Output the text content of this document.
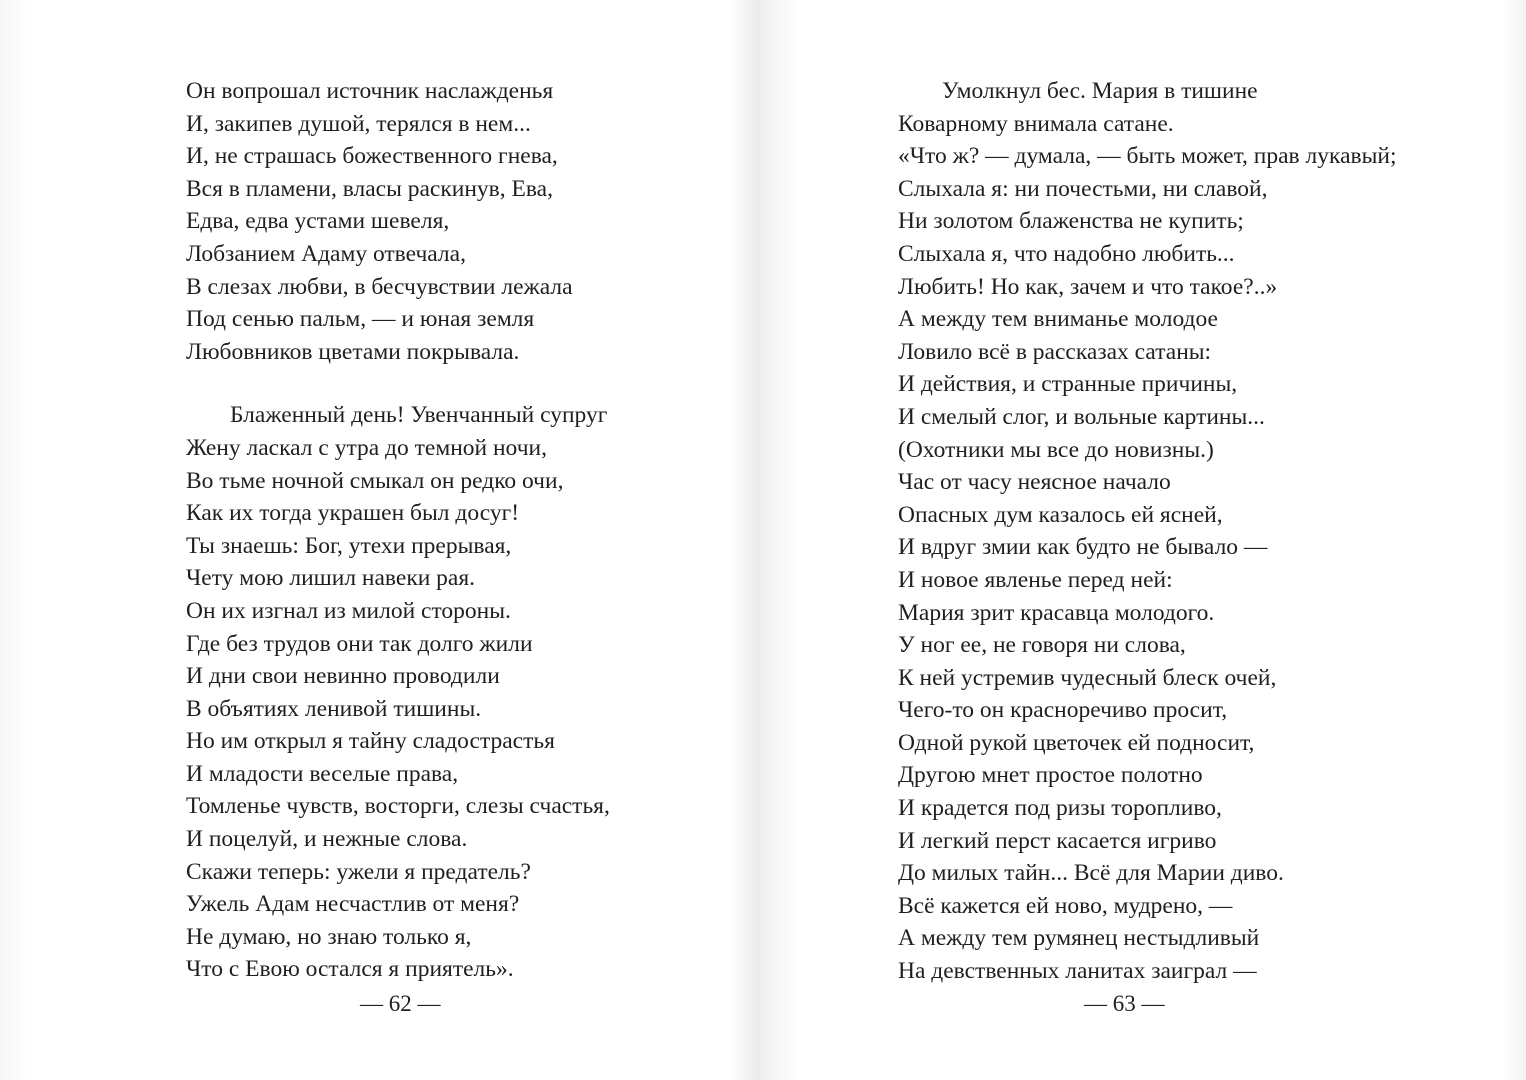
Он вопрошал источник наслажденья
И, закипев душой, терялся в нем...
И, не страшась божественного гнева,
Вся в пламени, власы раскинув, Ева,
Едва, едва устами шевеля,
Лобзанием Адаму отвечала,
В слезах любви, в бесчувствии лежала
Под сенью пальм, — и юная земля
Любовников цветами покрывала.
Блаженный день! Увенчанный супруг
Жену ласкал с утра до темной ночи,
Во тьме ночной смыкал он редко очи,
Как их тогда украшен был досуг!
Ты знаешь: Бог, утехи прерывая,
Чету мою лишил навеки рая.
Он их изгнал из милой стороны.
Где без трудов они так долго жили
И дни свои невинно проводили
В объятиях ленивой тишины.
Но им открыл я тайну сладострастья
И младости веселые права,
Томленье чувств, восторги, слезы счастья,
И поцелуй, и нежные слова.
Скажи теперь: ужели я предатель?
Ужель Адам несчастлив от меня?
Не думаю, но знаю только я,
Что с Евою остался я приятель».
— 62 —
Умолкнул бес. Мария в тишине
Коварному внимала сатане.
«Что ж? — думала, — быть может, прав лукавый;
Слыхала я: ни почестьми, ни славой,
Ни золотом блаженства не купить;
Слыхала я, что надобно любить...
Любить! Но как, зачем и что такое?..»
А между тем вниманье молодое
Ловило всё в рассказах сатаны:
И действия, и странные причины,
И смелый слог, и вольные картины...
(Охотники мы все до новизны.)
Час от часу неясное начало
Опасных дум казалось ей ясней,
И вдруг змии как будто не бывало —
И новое явленье перед ней:
Мария зрит красавца молодого.
У ног ее, не говоря ни слова,
К ней устремив чудесный блеск очей,
Чего-то он красноречиво просит,
Одной рукой цветочек ей подносит,
Другою мнет простое полотно
И крадется под ризы торопливо,
И легкий перст касается игриво
До милых тайн... Всё для Марии диво.
Всё кажется ей ново, мудрено, —
А между тем румянец нестыдливый
На девственных ланитах заиграл —
— 63 —
